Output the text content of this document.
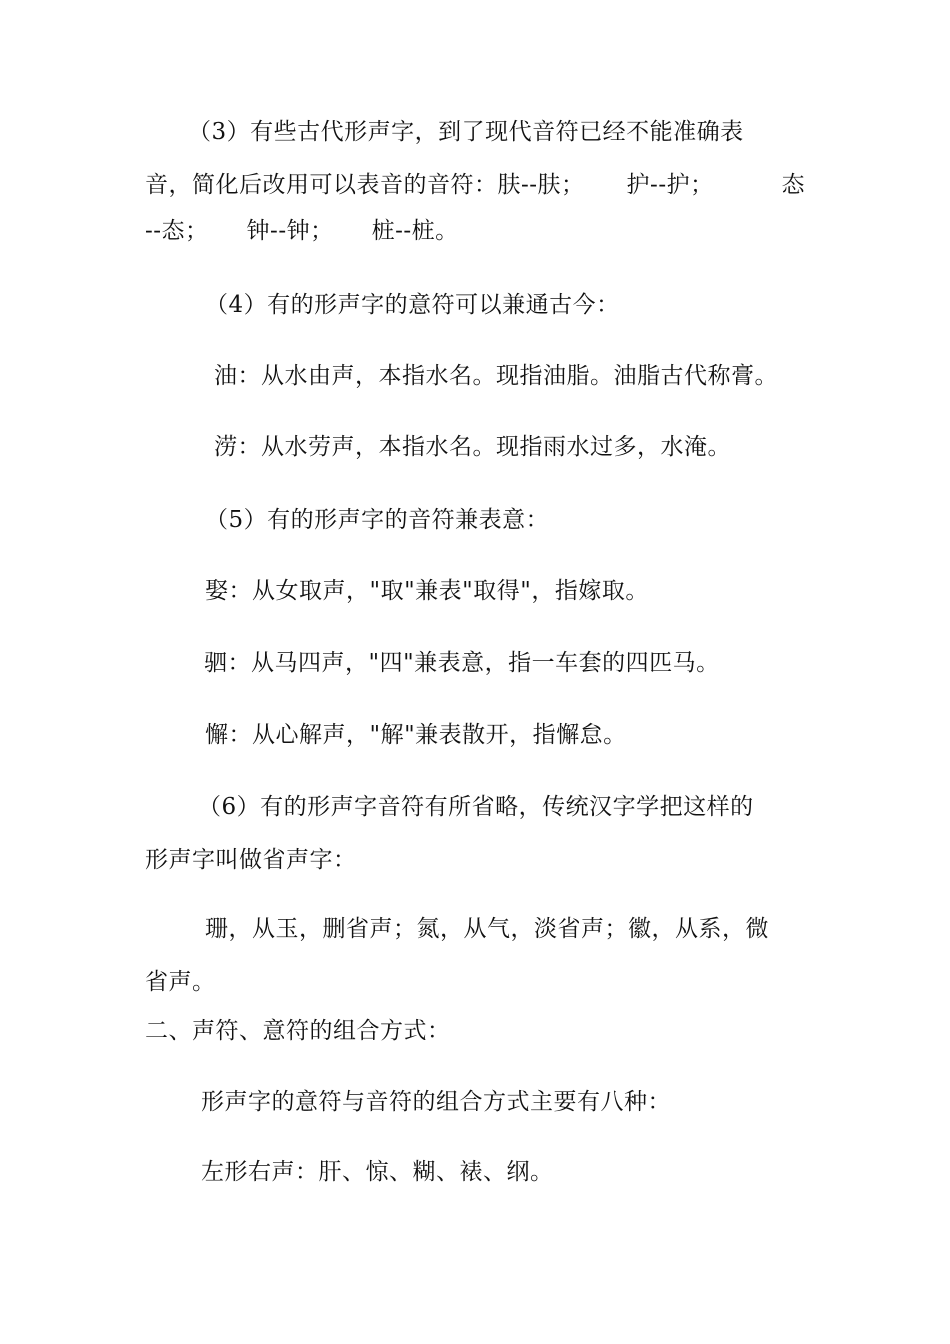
（3）有些古代形声字，到了现代音符已经不能准确表
音，简化后改用可以表音的音符：肤--肤； 护--护；	态
--态； 钟--钟； 桩--桩。
（4）有的形声字的意符可以兼通古今：
油：从水由声，本指水名。现指油脂。油脂古代称膏。
涝：从水劳声，本指水名。现指雨水过多，水淹。
（5）有的形声字的音符兼表意：
娶：从女取声，"取"兼表"取得"，指嫁取。
驷：从马四声，"四"兼表意，指一车套的四匹马。
懈：从心解声，"解"兼表散开，指懈怠。
（6）有的形声字音符有所省略，传统汉字学把这样的
形声字叫做省声字：
珊，从玉，删省声；氮，从气，淡省声；徽，从系，微
省声。
二、声符、意符的组合方式：
形声字的意符与音符的组合方式主要有八种：
左形右声：肝、惊、糊、裱、纲。
